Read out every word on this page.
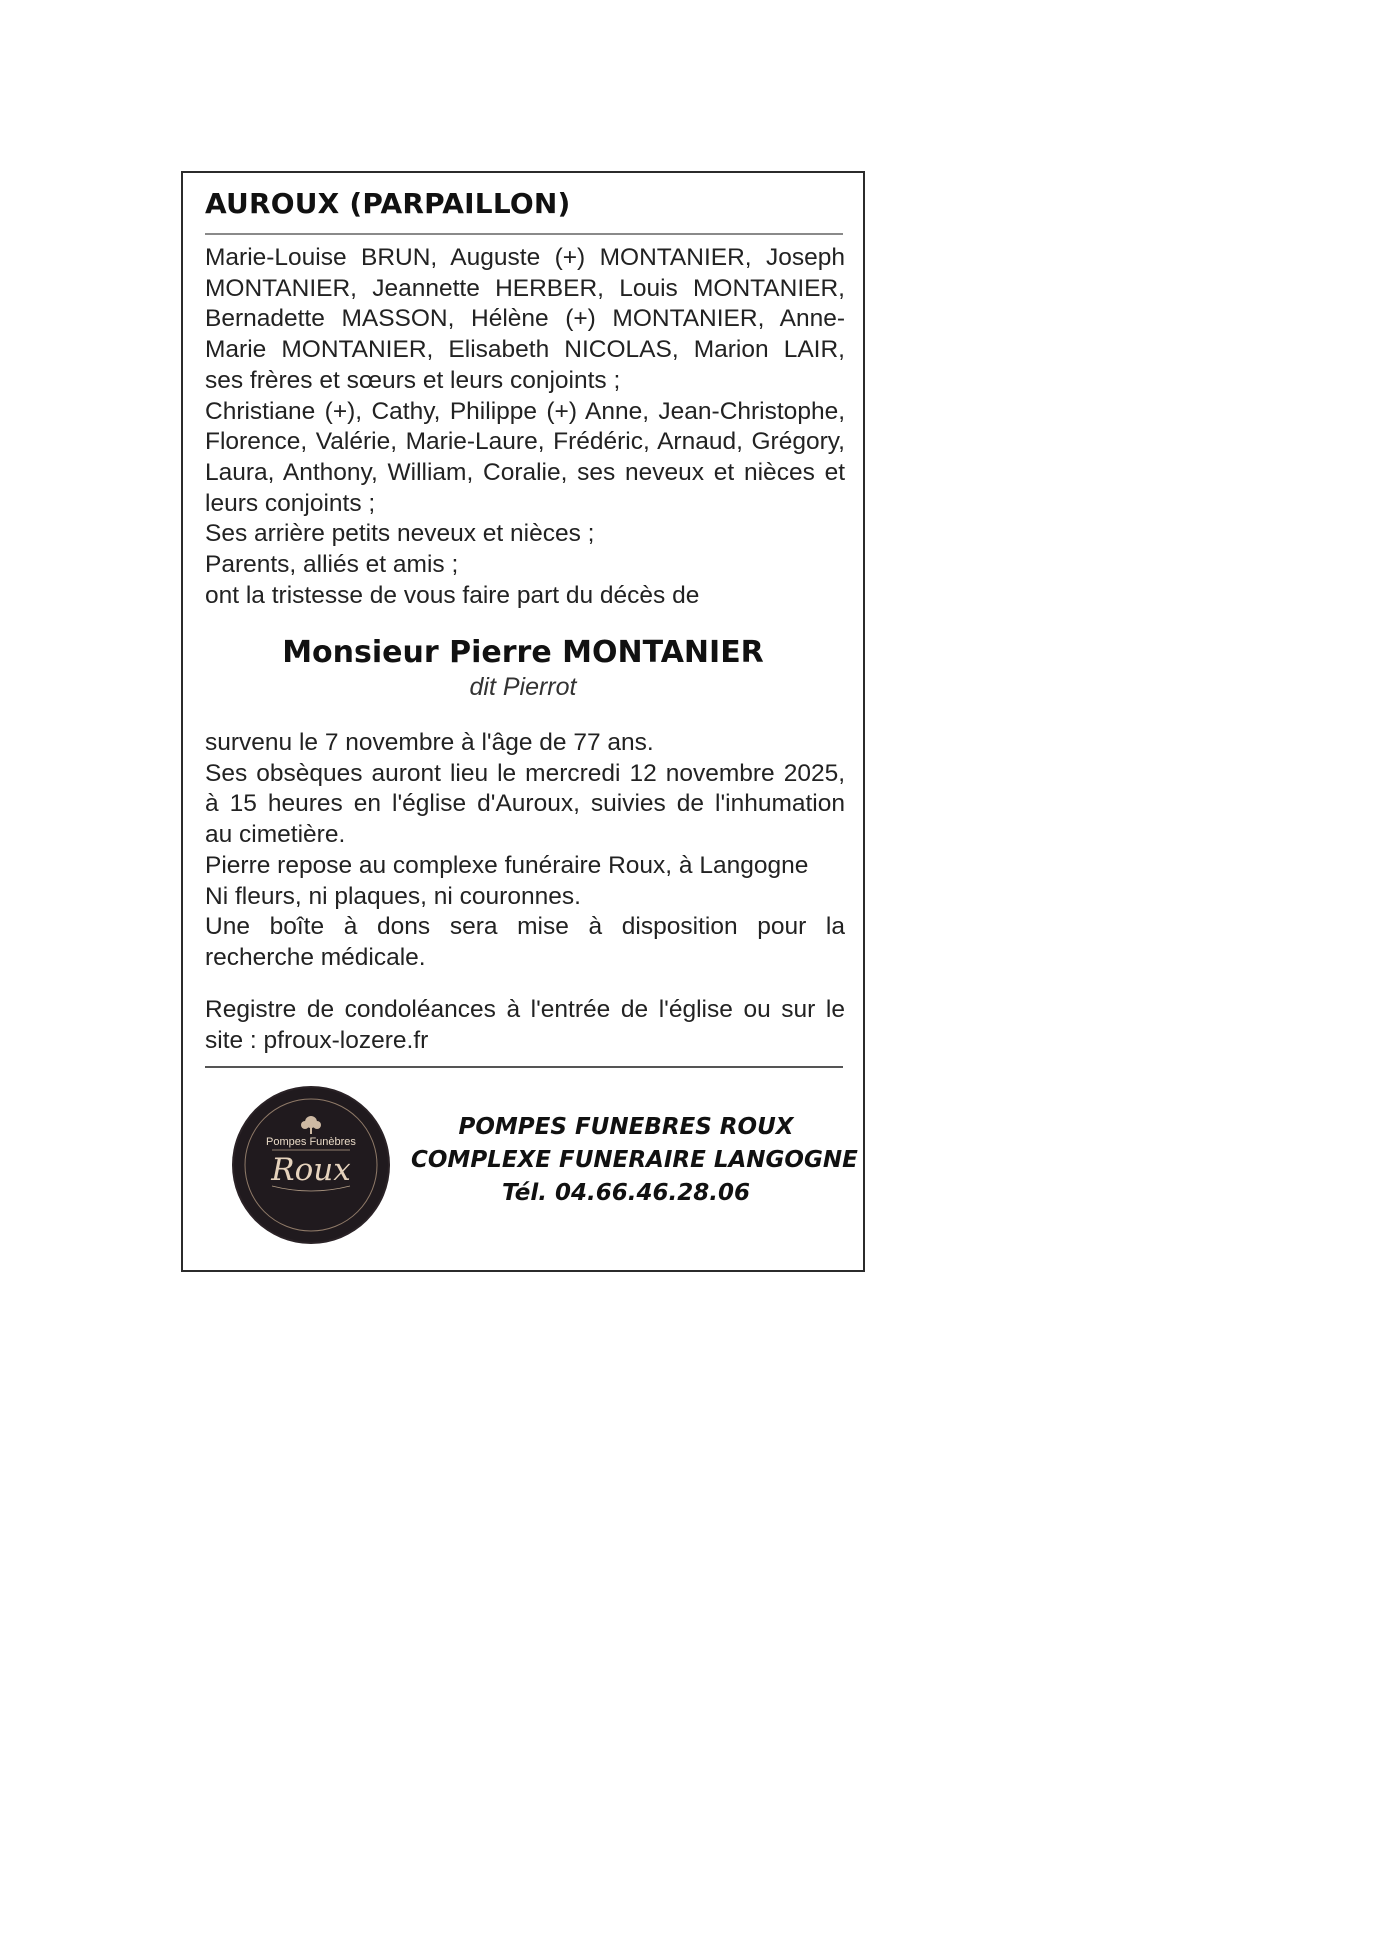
AUROUX (PARPAILLON)

Marie-Louise BRUN, Auguste (+) MONTANIER, Joseph MONTANIER, Jeannette HERBER, Louis MONTANIER, Bernadette MASSON, Hélène (+) MONTANIER, Anne-Marie MONTANIER, Elisabeth NICOLAS, Marion LAIR, ses frères et sœurs et leurs conjoints ;

Christiane (+), Cathy, Philippe (+) Anne, Jean-Christophe, Florence, Valérie, Marie-Laure, Frédéric, Arnaud, Grégory, Laura, Anthony, William, Coralie, ses neveux et nièces et leurs conjoints ;

Ses arrière petits neveux et nièces ;

Parents, alliés et amis ;

ont la tristesse de vous faire part du décès de

Monsieur Pierre MONTANIER
dit Pierrot

survenu le 7 novembre à l'âge de 77 ans.

Ses obsèques auront lieu le mercredi 12 novembre 2025, à 15 heures en l'église d'Auroux, suivies de l'inhumation au cimetière.

Pierre repose au complexe funéraire Roux, à Langogne

Ni fleurs, ni plaques, ni couronnes.

Une boîte à dons sera mise à disposition pour la recherche médicale.

Registre de condoléances à l'entrée de l'église ou sur le site : pfroux-lozere.fr

Pompes Funèbres
Roux
POMPES FUNEBRES ROUX
COMPLEXE FUNERAIRE LANGOGNE
Tél. 04.66.46.28.06
